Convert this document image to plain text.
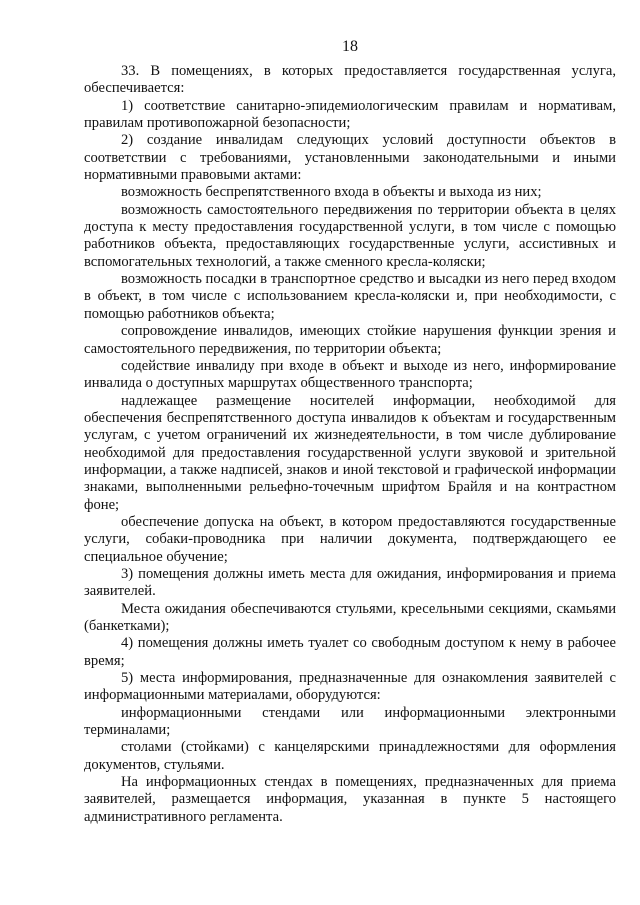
18

33. В помещениях, в которых предоставляется государственная услуга, обеспечивается:

1) соответствие санитарно-эпидемиологическим правилам и нормативам, правилам противопожарной безопасности;

2) создание инвалидам следующих условий доступности объектов в соответствии с требованиями, установленными законодательными и иными нормативными правовыми актами:

возможность беспрепятственного входа в объекты и выхода из них;

возможность самостоятельного передвижения по территории объекта в целях доступа к месту предоставления государственной услуги, в том числе с помощью работников объекта, предоставляющих государственные услуги, ассистивных и вспомогательных технологий, а также сменного кресла-коляски;

возможность посадки в транспортное средство и высадки из него перед входом в объект, в том числе с использованием кресла-коляски и, при необходимости, с помощью работников объекта;

сопровождение инвалидов, имеющих стойкие нарушения функции зрения и самостоятельного передвижения, по территории объекта;

содействие инвалиду при входе в объект и выходе из него, информирование инвалида о доступных маршрутах общественного транспорта;

надлежащее размещение носителей информации, необходимой для обеспечения беспрепятственного доступа инвалидов к объектам и государственным услугам, с учетом ограничений их жизнедеятельности, в том числе дублирование необходимой для предоставления государственной услуги звуковой и зрительной информации, а также надписей, знаков и иной текстовой и графической информации знаками, выполненными рельефно-точечным шрифтом Брайля и на контрастном фоне;

обеспечение допуска на объект, в котором предоставляются государственные услуги, собаки-проводника при наличии документа, подтверждающего ее специальное обучение;

3) помещения должны иметь места для ожидания, информирования и приема заявителей.

Места ожидания обеспечиваются стульями, кресельными секциями, скамьями (банкетками);

4) помещения должны иметь туалет со свободным доступом к нему в рабочее время;

5) места информирования, предназначенные для ознакомления заявителей с информационными материалами, оборудуются:

информационными стендами или информационными электронными терминалами;

столами (стойками) с канцелярскими принадлежностями для оформления документов, стульями.

На информационных стендах в помещениях, предназначенных для приема заявителей, размещается информация, указанная в пункте 5 настоящего административного регламента.
